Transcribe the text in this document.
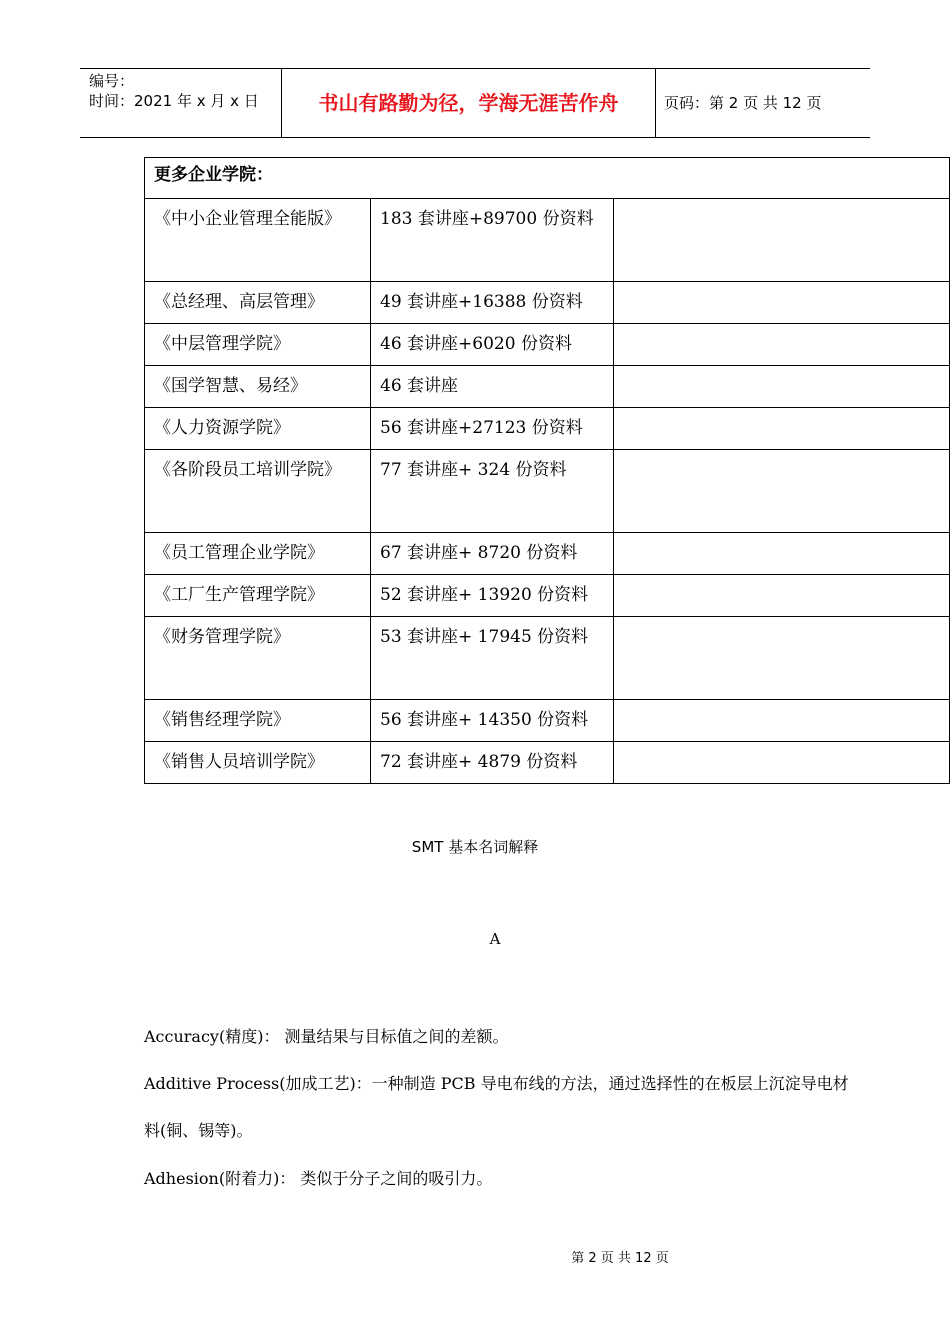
编号：
时间：2021 年 x 月 x 日	书山有路勤为径，学海无涯苦作舟	页码：第 2 页 共 12 页
更多企业学院：		
《中小企业管理全能版》	183 套讲座+89700 份资料	
《总经理、高层管理》	49 套讲座+16388 份资料	
《中层管理学院》	46 套讲座+6020 份资料	
《国学智慧、易经》	46 套讲座	
《人力资源学院》	56 套讲座+27123 份资料	
《各阶段员工培训学院》	77 套讲座+ 324 份资料	
《员工管理企业学院》	67 套讲座+ 8720 份资料	
《工厂生产管理学院》	52 套讲座+ 13920 份资料	
《财务管理学院》	53 套讲座+ 17945 份资料	
《销售经理学院》	56 套讲座+ 14350 份资料	
《销售人员培训学院》	72 套讲座+ 4879 份资料	
SMT 基本名词解释
A
Accuracy(精度)： 测量结果与目标值之间的差额。
Additive Process(加成工艺)：一种制造 PCB 导电布线的方法，通过选择性的在板层上沉淀导电材料(铜、锡等)。
Adhesion(附着力)： 类似于分子之间的吸引力。
第 2 页 共 12 页
